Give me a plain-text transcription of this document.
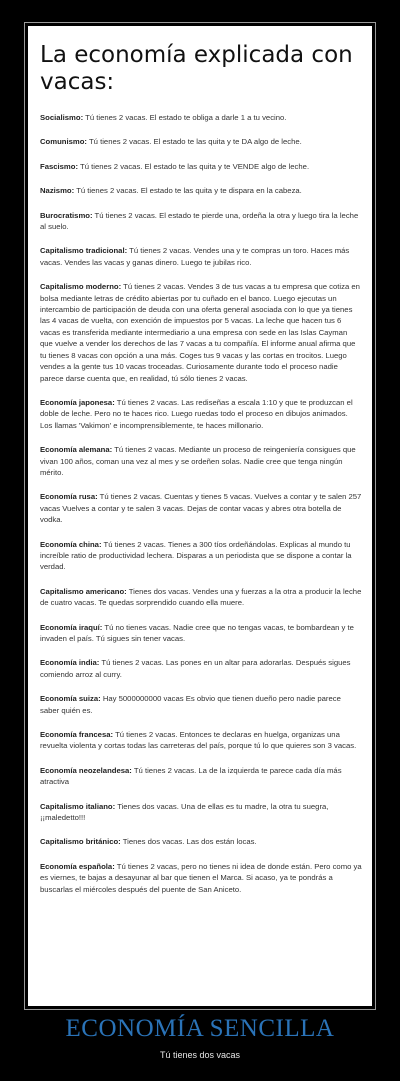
La economía explicada con vacas:
Socialismo: Tú tienes 2 vacas. El estado te obliga a darle 1 a tu vecino.
Comunismo: Tú tienes 2 vacas. El estado te las quita y te DA algo de leche.
Fascismo: Tú tienes 2 vacas. El estado te las quita y te VENDE algo de leche.
Nazismo: Tú tienes 2 vacas. El estado te las quita y te dispara en la cabeza.
Burocratismo: Tú tienes 2 vacas. El estado te pierde una, ordeña la otra y luego tira la leche al suelo.
Capitalismo tradicional: Tú tienes 2 vacas. Vendes una y te compras un toro. Haces más vacas. Vendes las vacas y ganas dinero. Luego te jubilas rico.
Capitalismo moderno: Tú tienes 2 vacas. Vendes 3 de tus vacas a tu empresa que cotiza en bolsa mediante letras de crédito abiertas por tu cuñado en el banco. Luego ejecutas un intercambio de participación de deuda con una oferta general asociada con lo que ya tienes las 4 vacas de vuelta, con exención de impuestos por 5 vacas. La leche que hacen tus 6 vacas es transferida mediante intermediario a una empresa con sede en las Islas Cayman que vuelve a vender los derechos de las 7 vacas a tu compañía. El informe anual afirma que tu tienes 8 vacas con opción a una más. Coges tus 9 vacas y las cortas en trocitos. Luego vendes a la gente tus 10 vacas troceadas. Curiosamente durante todo el proceso nadie parece darse cuenta que, en realidad, tú sólo tienes 2 vacas.
Economía japonesa: Tú tienes 2 vacas. Las rediseñas a escala 1:10 y que te produzcan el doble de leche. Pero no te haces rico. Luego ruedas todo el proceso en dibujos animados. Los llamas 'Vakimon' e incomprensiblemente, te haces millonario.
Economía alemana: Tú tienes 2 vacas. Mediante un proceso de reingeniería consigues que vivan 100 años, coman una vez al mes y se ordeñen solas. Nadie cree que tenga ningún mérito.
Economía rusa: Tú tienes 2 vacas. Cuentas y tienes 5 vacas. Vuelves a contar y te salen 257 vacas Vuelves a contar y te salen 3 vacas. Dejas de contar vacas y abres otra botella de vodka.
Economía china: Tú tienes 2 vacas. Tienes a 300 tíos ordeñándolas. Explicas al mundo tu increíble ratio de productividad lechera. Disparas a un periodista que se dispone a contar la verdad.
Capitalismo americano: Tienes dos vacas. Vendes una y fuerzas a la otra a producir la leche de cuatro vacas. Te quedas sorprendido cuando ella muere.
Economía iraquí: Tú no tienes vacas. Nadie cree que no tengas vacas, te bombardean y te invaden el país. Tú sigues sin tener vacas.
Economía india: Tú tienes 2 vacas. Las pones en un altar para adorarlas. Después sigues comiendo arroz al curry.
Economía suiza: Hay 5000000000 vacas Es obvio que tienen dueño pero nadie parece saber quién es.
Economía francesa: Tú tienes 2 vacas. Entonces te declaras en huelga, organizas una revuelta violenta y cortas todas las carreteras del país, porque tú lo que quieres son 3 vacas.
Economía neozelandesa: Tú tienes 2 vacas. La de la izquierda te parece cada día más atractiva
Capitalismo italiano: Tienes dos vacas. Una de ellas es tu madre, la otra tu suegra, ¡¡maledetto!!!
Capitalismo británico: Tienes dos vacas. Las dos están locas.
Economía española: Tú tienes 2 vacas, pero no tienes ni idea de donde están. Pero como ya es viernes, te bajas a desayunar al bar que tienen el Marca. Si acaso, ya te pondrás a buscarlas el miércoles después del puente de San Aniceto.
ECONOMÍA SENCILLA
Tú tienes dos vacas
